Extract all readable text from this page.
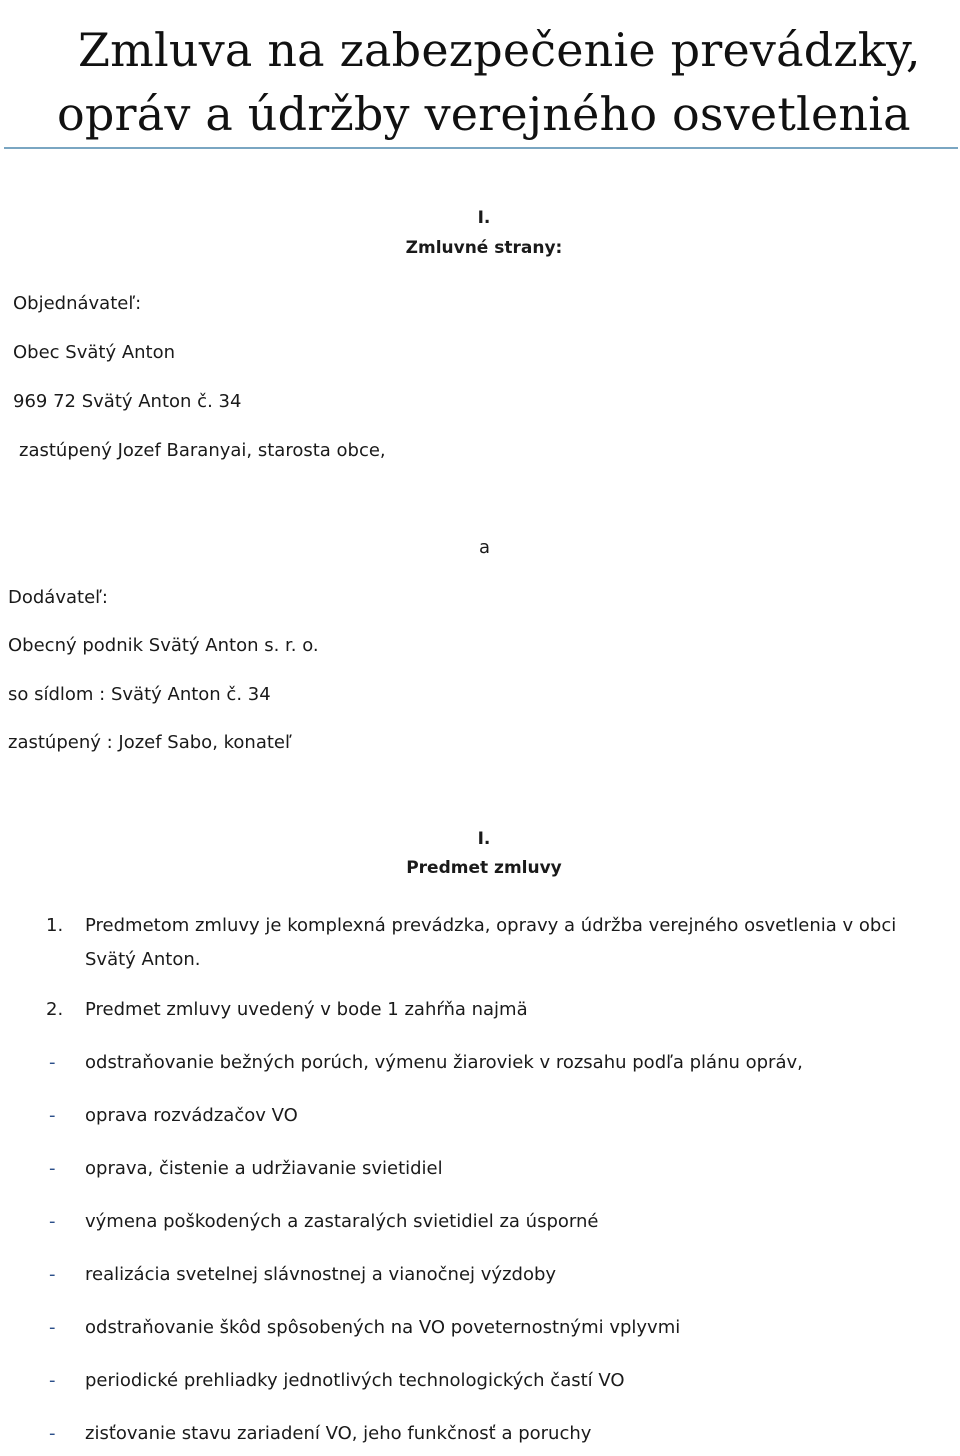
Zmluva na zabezpečenie prevádzky,
opráv a údržby verejného osvetlenia
I.
Zmluvné strany:
Objednávateľ:
Obec Svätý Anton
969 72 Svätý Anton č. 34
zastúpený Jozef Baranyai, starosta obce,
a
Dodávateľ:
Obecný podnik Svätý Anton s. r. o.
so sídlom : Svätý Anton č. 34
zastúpený : Jozef Sabo, konateľ
I.
Predmet zmluvy
1. Predmetom zmluvy je komplexná prevádzka, opravy a údržba verejného osvetlenia v obci Svätý Anton.
2. Predmet zmluvy uvedený v bode 1 zahŕňa najmä
- odstraňovanie bežných porúch, výmenu žiaroviek v rozsahu podľa plánu opráv,
- oprava rozvádzačov VO
- oprava, čistenie a udržiavanie svietidiel
- výmena poškodených a zastaralých svietidiel za úsporné
- realizácia svetelnej slávnostnej a vianočnej výzdoby
- odstraňovanie škôd spôsobených na VO poveternostnými vplyvmi
- periodické prehliadky jednotlivých technologických častí VO
- zisťovanie stavu zariadení VO, jeho funkčnosť a poruchy
